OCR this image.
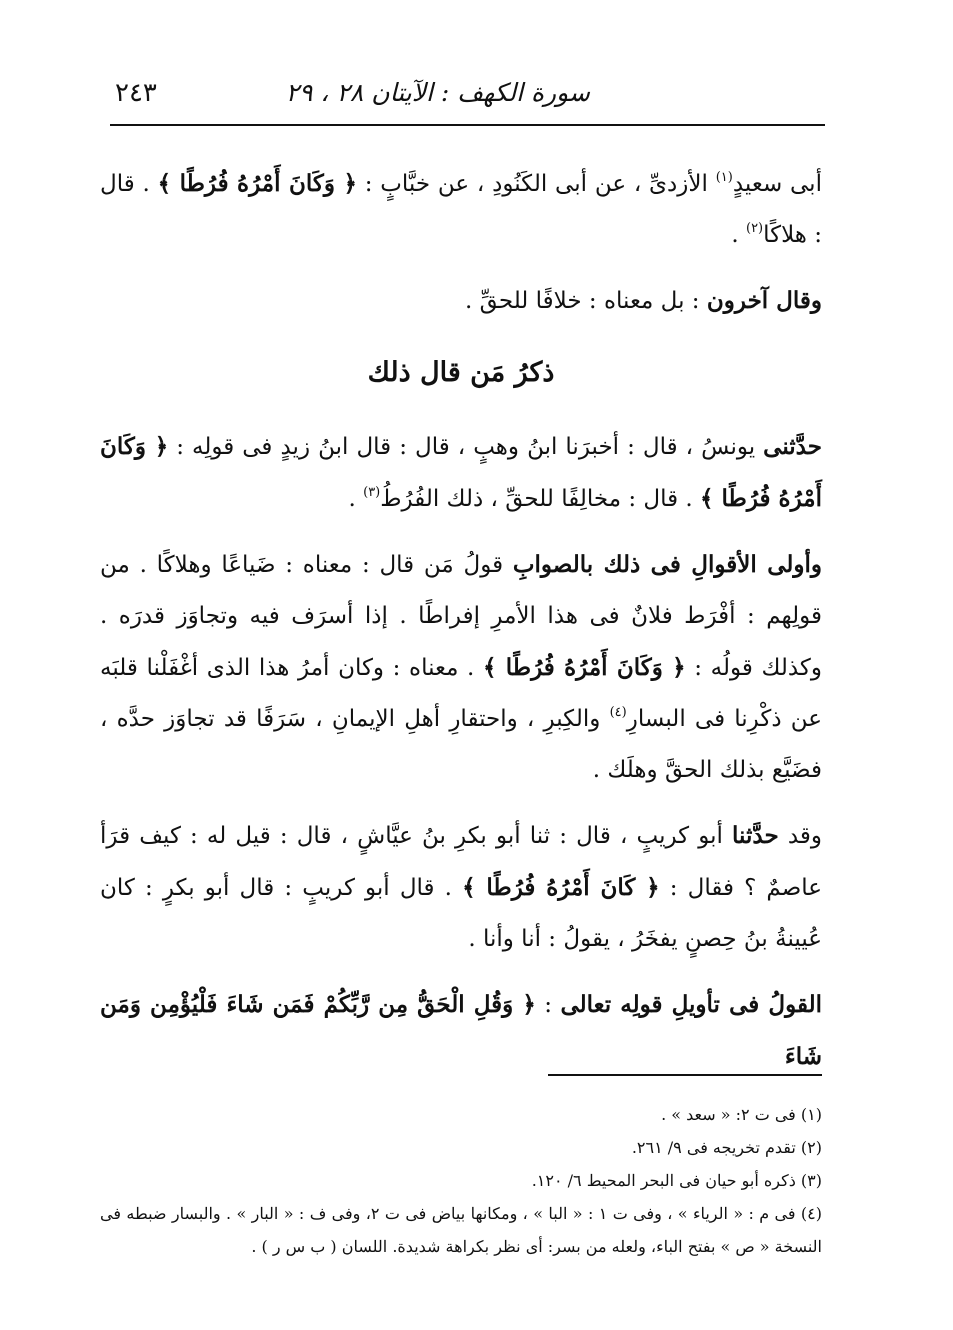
سورة الكهف : الآيتان ٢٨ ، ٢٩
٢٤٣

أبى سعيدٍ$^{(١)}$ الأزدىِّ ، عن أبى الكَنُودِ ، عن خبَّابٍ : ﴿ وَكَانَ أَمْرُهُ فُرُطًا ﴾ . قال : هلاكًا$^{(٢)}$ .

وقال آخرون : بل معناه : خلافًا للحقِّ .

ذكرُ مَن قال ذلك

حدَّثنى يونسُ ، قال : أخبرَنا ابنُ وهبٍ ، قال : قال ابنُ زيدٍ فى قولِه : ﴿ وَكَانَ أَمْرُهُ فُرُطًا ﴾ . قال : مخالِفًا للحقِّ ، ذلك الفُرُطُ$^{(٣)}$ .

وأولى الأقوالِ فى ذلك بالصوابِ قولُ مَن قال : معناه : ضَياعًا وهلاكًا . من قولِهم : أفْرَط فلانٌ فى هذا الأمرِ إفراطًا . إذا أسرَف فيه وتجاوَز قدرَه . وكذلك قولُه : ﴿ وَكَانَ أَمْرُهُ فُرُطًا ﴾ . معناه : وكان أمرُ هذا الذى أغْفَلْنا قلبَه عن ذكْرِنا فى البسارِ$^{(٤)}$ والكِبرِ ، واحتقارِ أهلِ الإيمانِ ، سَرَفًا قد تجاوَز حدَّه ، فضَيَّع بذلك الحقَّ وهلَك .

وقد حدَّثنا أبو كريبٍ ، قال : ثنا أبو بكرِ بنُ عيَّاشٍ ، قال : قيل له : كيف قرَأ عاصمٌ ؟ فقال : ﴿ كَانَ أَمْرُهُ فُرُطًا ﴾ . قال أبو كريبٍ : قال أبو بكرٍ : كان عُيينةُ بنُ حِصنٍ يفخَرُ ، يقولُ : أنا وأنا .

القولُ فى تأويلِ قولِه تعالى : ﴿ وَقُلِ الْحَقُّ مِن رَّبِّكُمْ فَمَن شَاءَ فَلْيُؤْمِن وَمَن شَاءَ

(١) فى ت ٢: « سعد » .

(٢) تقدم تخريجه فى ٩/ ٢٦١.

(٣) ذكره أبو حيان فى البحر المحيط ٦/ ١٢٠.

(٤) فى م : « الرياء » ، وفى ت ١ : « البا » ، ومكانها بياض فى ت ٢، وفى ف : « البار » . والبسار ضبطه فى النسخة « ص » بفتح الباء، ولعله من بسر: أى نظر بكراهة شديدة. اللسان ( ب س ر ) .
